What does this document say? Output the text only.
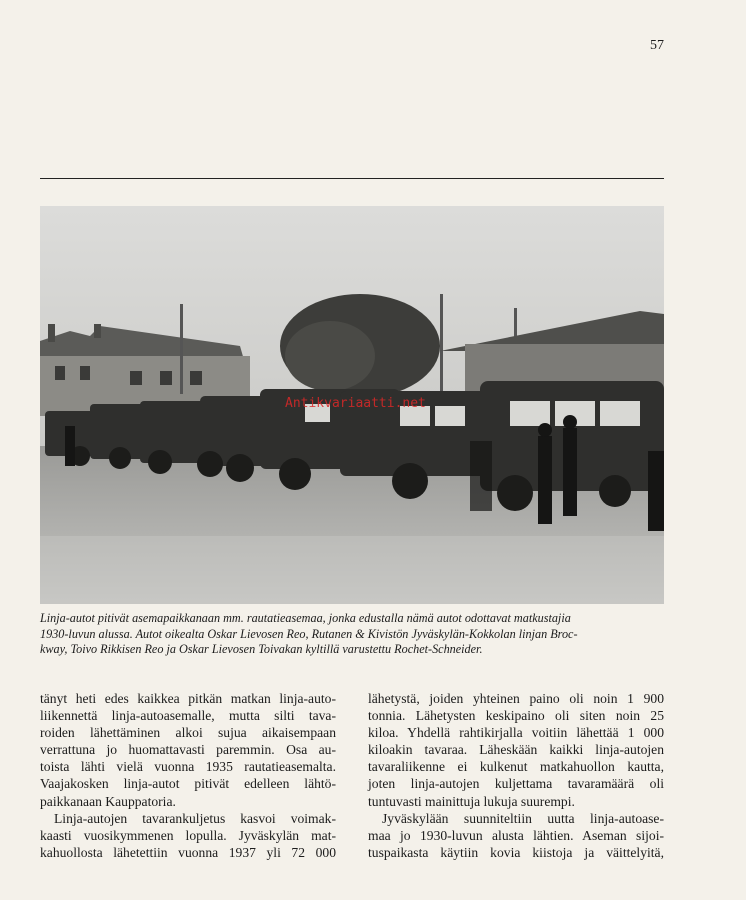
57
Antikvariaatti.net
Linja-autot pitivät asemapaikkanaan mm. rautatieasemaa, jonka edustalla nämä autot odottavat matkustajia
1930-luvun alussa. Autot oikealta Oskar Lievosen Reo, Rutanen & Kivistön Jyväskylän-Kokkolan linjan Broc-
kway, Toivo Rikkisen Reo ja Oskar Lievosen Toivakan kyltillä varustettu Rochet-Schneider.
tänyt heti edes kaikkea pitkän matkan linja-auto-
liikennettä linja-autoasemalle, mutta silti tava-
roiden lähettäminen alkoi sujua aikaisempaan
verrattuna jo huomattavasti paremmin. Osa au-
toista lähti vielä vuonna 1935 rautatieasemalta.
Vaajakosken linja-autot pitivät edelleen lähtö-
paikkanaan Kauppatoria.
Linja-autojen tavarankuljetus kasvoi voimak-
kaasti vuosikymmenen lopulla. Jyväskylän mat-
kahuollosta lähetettiin vuonna 1937 yli 72 000
lähetystä, joiden yhteinen paino oli noin 1 900
tonnia. Lähetysten keskipaino oli siten noin 25
kiloa. Yhdellä rahtikirjalla voitiin lähettää 1 000
kiloakin tavaraa. Läheskään kaikki linja-autojen
tavaraliikenne ei kulkenut matkahuollon kautta,
joten linja-autojen kuljettama tavaramäärä oli
tuntuvasti mainittuja lukuja suurempi.
Jyväskylään suunniteltiin uutta linja-autoase-
maa jo 1930-luvun alusta lähtien. Aseman sijoi-
tuspaikasta käytiin kovia kiistoja ja väittelyitä,
